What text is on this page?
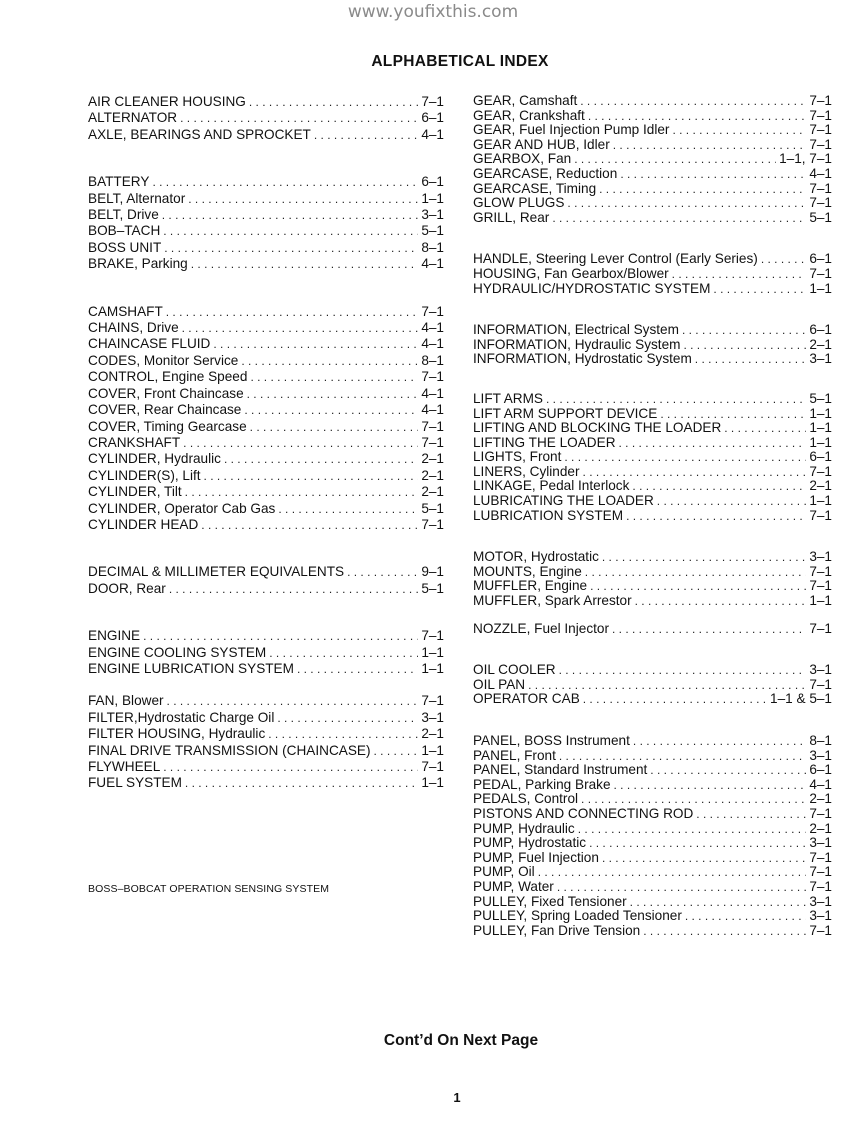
www.youfixthis.com
ALPHABETICAL INDEX
AIR CLEANER HOUSING . . .	7–1
ALTERNATOR . . .	6–1
AXLE, BEARINGS AND SPROCKET . . .	4–1
BATTERY . . .	6–1
BELT, Alternator . . .	1–1
BELT, Drive . . .	3–1
BOB–TACH . . .	5–1
BOSS UNIT . . .	8–1
BRAKE, Parking . . .	4–1
CAMSHAFT . . .	7–1
CHAINS, Drive . . .	4–1
CHAINCASE FLUID . . .	4–1
CODES, Monitor Service . . .	8–1
CONTROL, Engine Speed . . .	7–1
COVER, Front Chaincase . . .	4–1
COVER, Rear Chaincase . . .	4–1
COVER, Timing Gearcase . . .	7–1
CRANKSHAFT . . .	7–1
CYLINDER, Hydraulic . . .	2–1
CYLINDER(S), Lift . . .	2–1
CYLINDER, Tilt . . .	2–1
CYLINDER, Operator Cab Gas . . .	5–1
CYLINDER HEAD . . .	7–1
DECIMAL & MILLIMETER EQUIVALENTS . . .	9–1
DOOR, Rear . . .	5–1
ENGINE . . .	7–1
ENGINE COOLING SYSTEM . . .	1–1
ENGINE LUBRICATION SYSTEM . . .	1–1
FAN, Blower . . .	7–1
FILTER,Hydrostatic Charge Oil . . .	3–1
FILTER HOUSING, Hydraulic . . .	2–1
FINAL DRIVE TRANSMISSION (CHAINCASE) . . .	1–1
FLYWHEEL . . .	7–1
FUEL SYSTEM . . .	1–1
GEAR, Camshaft . . .	7–1
GEAR, Crankshaft . . .	7–1
GEAR, Fuel Injection Pump Idler . . .	7–1
GEAR AND HUB, Idler . . .	7–1
GEARBOX, Fan . . .	1–1, 7–1
GEARCASE, Reduction . . .	4–1
GEARCASE, Timing . . .	7–1
GLOW PLUGS . . .	7–1
GRILL, Rear . . .	5–1
HANDLE, Steering Lever Control (Early Series) . . .	6–1
HOUSING, Fan Gearbox/Blower . . .	7–1
HYDRAULIC/HYDROSTATIC SYSTEM . . .	1–1
INFORMATION, Electrical System . . .	6–1
INFORMATION, Hydraulic System . . .	2–1
INFORMATION, Hydrostatic System . . .	3–1
LIFT ARMS . . .	5–1
LIFT ARM SUPPORT DEVICE . . .	1–1
LIFTING AND BLOCKING THE LOADER . . .	1–1
LIFTING THE LOADER . . .	1–1
LIGHTS, Front . . .	6–1
LINERS, Cylinder . . .	7–1
LINKAGE, Pedal Interlock . . .	2–1
LUBRICATING THE LOADER . . .	1–1
LUBRICATION SYSTEM . . .	7–1
MOTOR, Hydrostatic . . .	3–1
MOUNTS, Engine . . .	7–1
MUFFLER, Engine . . .	7–1
MUFFLER, Spark Arrestor . . .	1–1
NOZZLE, Fuel Injector . . .	7–1
OIL COOLER . . .	3–1
OIL PAN . . .	7–1
OPERATOR CAB . . .	1–1 & 5–1
PANEL, BOSS Instrument . . .	8–1
PANEL, Front . . .	3–1
PANEL, Standard Instrument . . .	6–1
PEDAL, Parking Brake . . .	4–1
PEDALS, Control . . .	2–1
PISTONS AND CONNECTING ROD . . .	7–1
PUMP, Hydraulic . . .	2–1
PUMP, Hydrostatic . . .	3–1
PUMP, Fuel Injection . . .	7–1
PUMP, Oil . . .	7–1
PUMP, Water . . .	7–1
PULLEY, Fixed Tensioner . . .	3–1
PULLEY, Spring Loaded Tensioner . . .	3–1
PULLEY, Fan Drive Tension . . .	7–1
BOSS–BOBCAT OPERATION SENSING SYSTEM
Cont’d On Next Page
1
